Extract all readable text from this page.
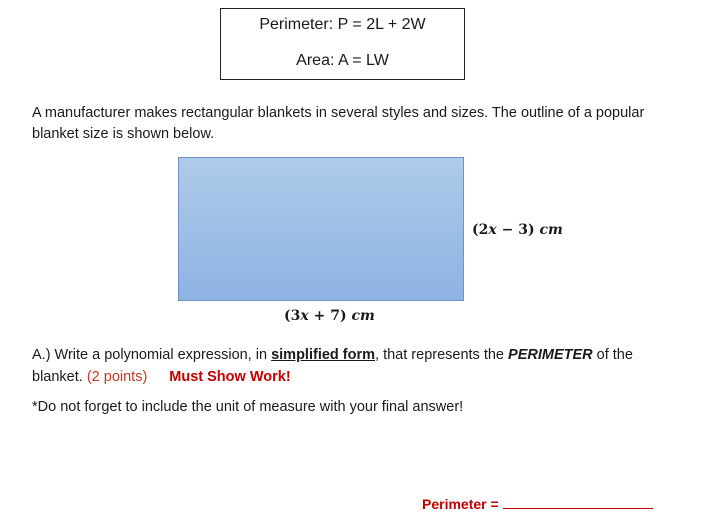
Perimeter: P = 2L + 2W
Area: A = LW
A manufacturer makes rectangular blankets in several styles and sizes. The outline of a popular blanket size is shown below.
(2x − 3) cm
(3x + 7) cm
A.) Write a polynomial expression, in simplified form, that represents the PERIMETER of the blanket. (2 points) Must Show Work!
*Do not forget to include the unit of measure with your final answer!
Perimeter =
